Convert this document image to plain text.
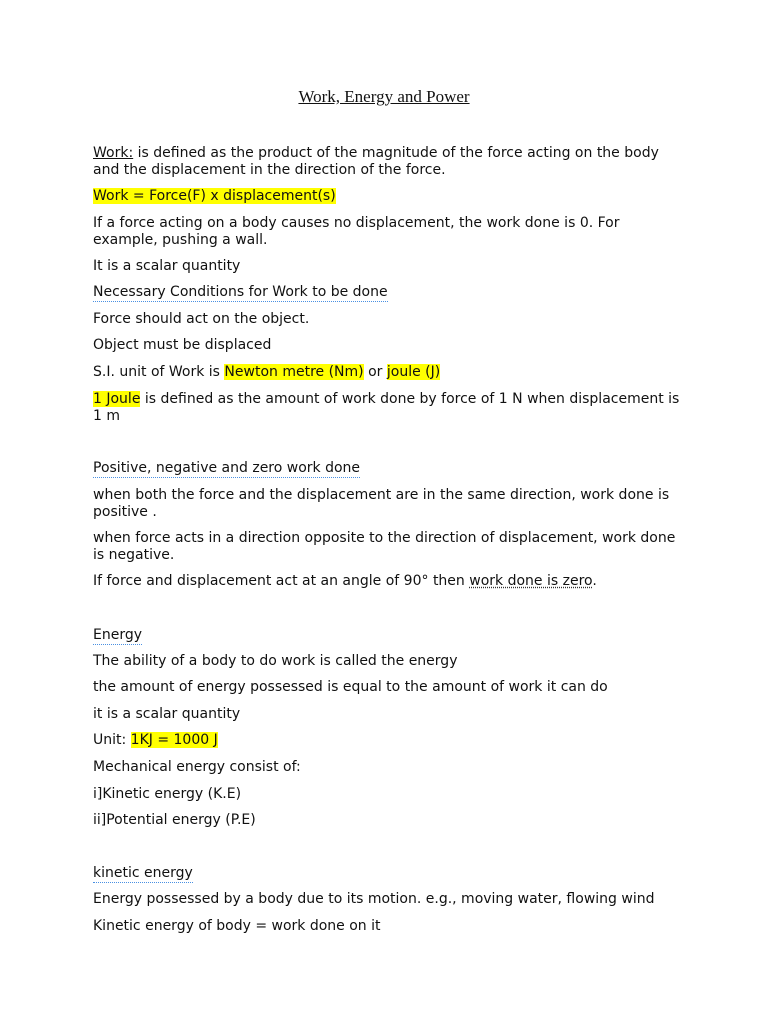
Work, Energy and Power

Work: is defined as the product of the magnitude of the force acting on the body and the displacement in the direction of the force.

Work = Force(F) x displacement(s)

If a force acting on a body causes no displacement, the work done is 0. For example, pushing a wall.

It is a scalar quantity

Necessary Conditions for Work to be done

Force should act on the object.

Object must be displaced

S.I. unit of Work is Newton metre (Nm) or joule (J)

1 Joule is defined as the amount of work done by force of 1 N when displacement is 1 m

Positive, negative and zero work done

when both the force and the displacement are in the same direction, work done is positive .

when force acts in a direction opposite to the direction of displacement, work done is negative.

If force and displacement act at an angle of 90° then work done is zero.

Energy

The ability of a body to do work is called the energy

the amount of energy possessed is equal to the amount of work it can do

it is a scalar quantity

Unit: 1KJ = 1000 J

Mechanical energy consist of:

i]Kinetic energy (K.E)

ii]Potential energy (P.E)

kinetic energy

Energy possessed by a body due to its motion. e.g., moving water, flowing wind

Kinetic energy of body = work done on it
